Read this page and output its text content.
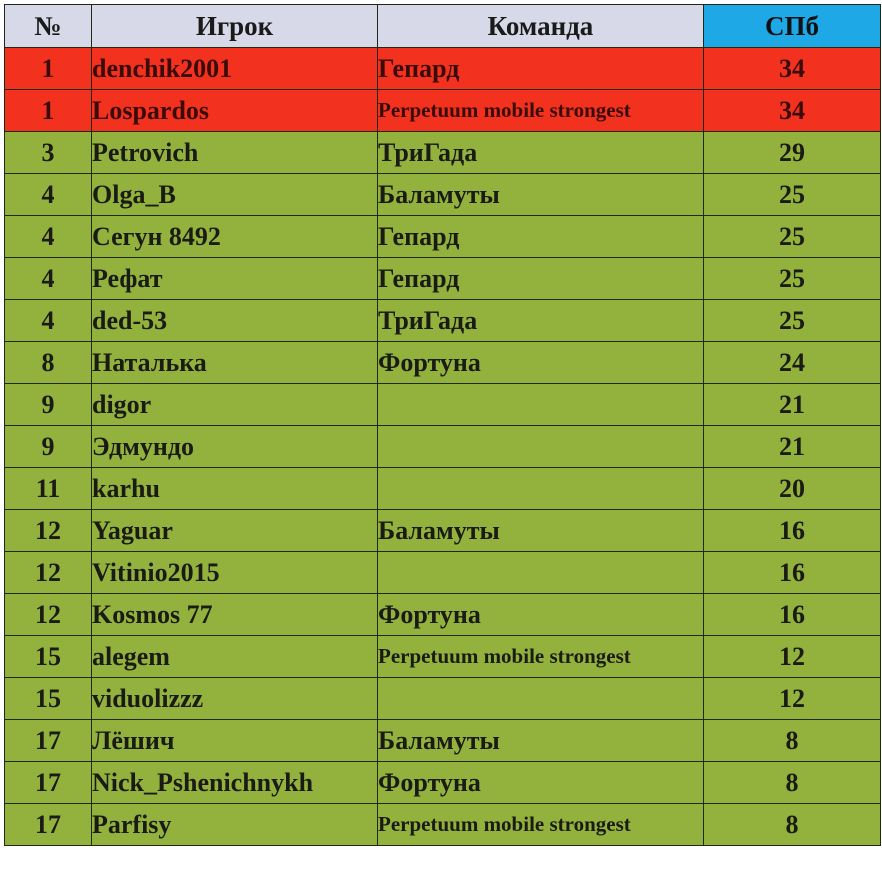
№	Игрок	Команда	СПб
1	denchik2001	Гепард	34
1	Lospardos	Perpetuum mobile strongest	34
3	Petrovich	ТриГада	29
4	Olga_B	Баламуты	25
4	Сегун 8492	Гепард	25
4	Рефат	Гепард	25
4	ded-53	ТриГада	25
8	Наталька	Фортуна	24
9	digor		21
9	Эдмундо		21
11	karhu		20
12	Yaguar	Баламуты	16
12	Vitinio2015		16
12	Kosmos 77	Фортуна	16
15	alegem	Perpetuum mobile strongest	12
15	viduolizzz		12
17	Лёшич	Баламуты	8
17	Nick_Pshenichnykh	Фортуна	8
17	Parfisy	Perpetuum mobile strongest	8
